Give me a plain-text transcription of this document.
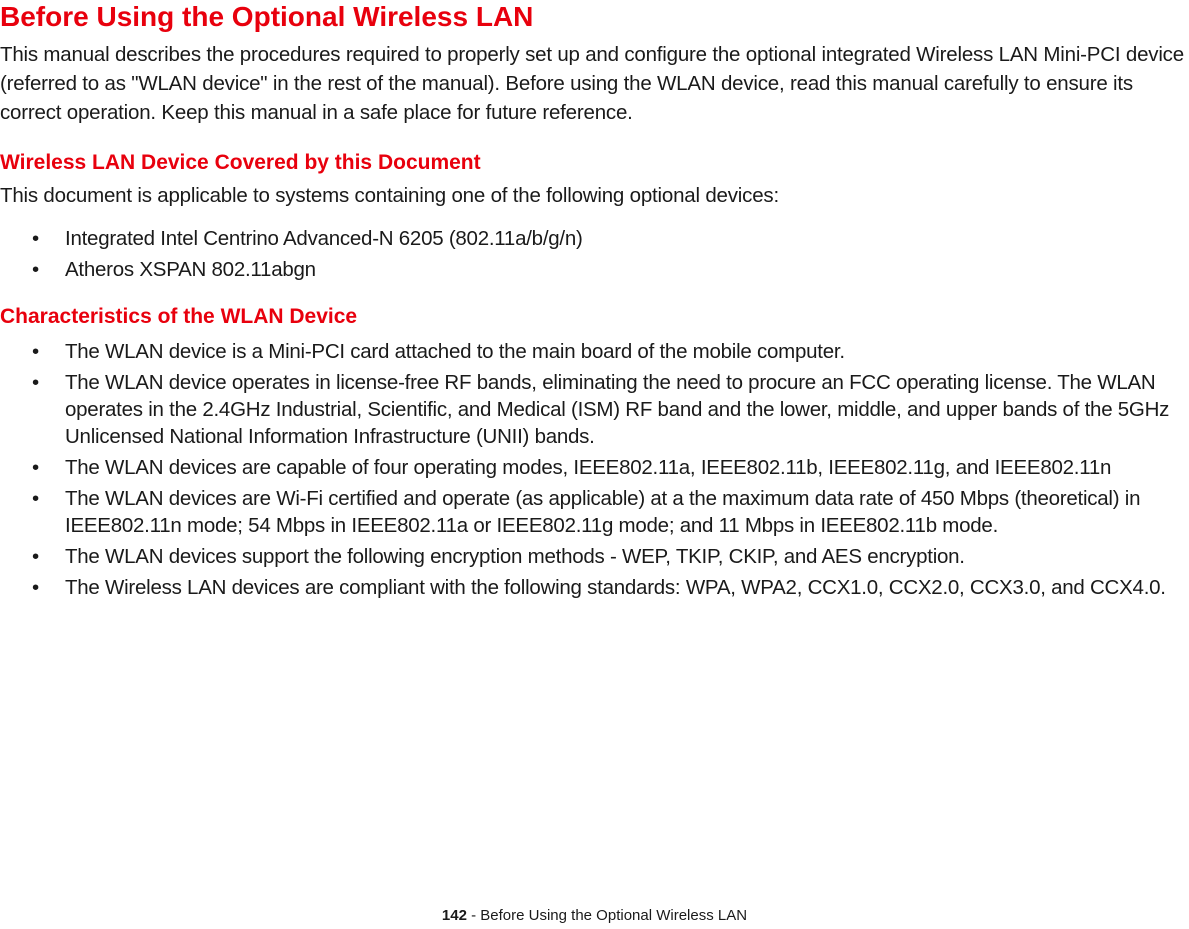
Before Using the Optional Wireless LAN

This manual describes the procedures required to properly set up and configure the optional integrated Wireless LAN Mini-PCI device (referred to as "WLAN device" in the rest of the manual). Before using the WLAN device, read this manual carefully to ensure its correct operation. Keep this manual in a safe place for future reference.

Wireless LAN Device Covered by this Document

This document is applicable to systems containing one of the following optional devices:

• Integrated Intel Centrino Advanced-N 6205 (802.11a/b/g/n)
• Atheros XSPAN 802.11abgn
Characteristics of the WLAN Device
• The WLAN device is a Mini-PCI card attached to the main board of the mobile computer.
• The WLAN device operates in license-free RF bands, eliminating the need to procure an FCC operating license. The WLAN operates in the 2.4GHz Industrial, Scientific, and Medical (ISM) RF band and the lower, middle, and upper bands of the 5GHz Unlicensed National Information Infrastructure (UNII) bands.
• The WLAN devices are capable of four operating modes, IEEE802.11a, IEEE802.11b, IEEE802.11g, and IEEE802.11n
• The WLAN devices are Wi-Fi certified and operate (as applicable) at a the maximum data rate of 450 Mbps (theoretical) in IEEE802.11n mode; 54 Mbps in IEEE802.11a or IEEE802.11g mode; and 11 Mbps in IEEE802.11b mode.
• The WLAN devices support the following encryption methods - WEP, TKIP, CKIP, and AES encryption.
• The Wireless LAN devices are compliant with the following standards: WPA, WPA2, CCX1.0, CCX2.0, CCX3.0, and CCX4.0.
142 - Before Using the Optional Wireless LAN
